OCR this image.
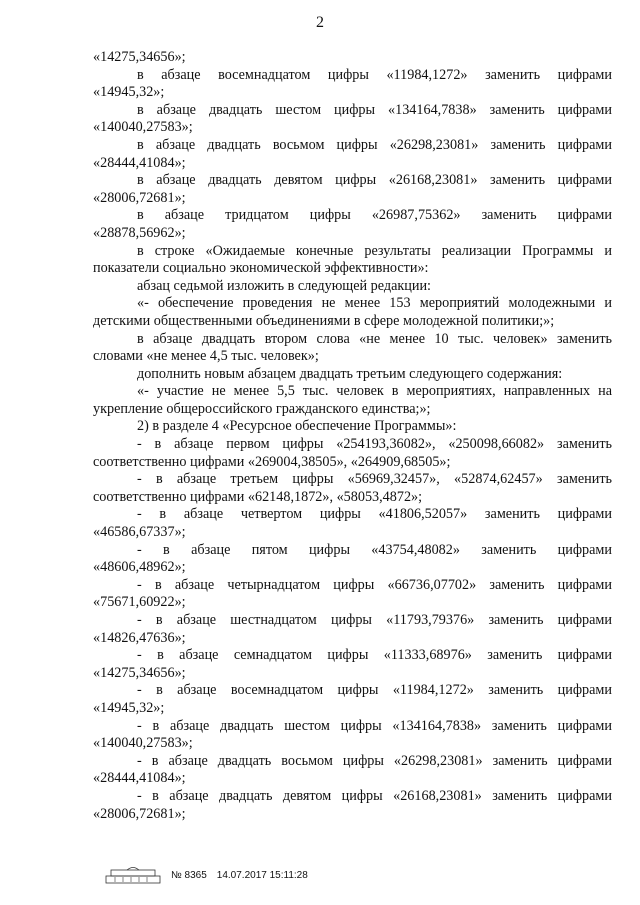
2
«14275,34656»;
в абзаце восемнадцатом цифры «11984,1272» заменить цифрами
«14945,32»;
в абзаце двадцать шестом цифры «134164,7838» заменить цифрами
«140040,27583»;
в абзаце двадцать восьмом цифры «26298,23081» заменить цифрами
«28444,41084»;
в абзаце двадцать девятом цифры «26168,23081» заменить цифрами
«28006,72681»;
в абзаце тридцатом цифры «26987,75362» заменить цифрами
«28878,56962»;
в строке «Ожидаемые конечные результаты реализации Программы и
показатели социально экономической эффективности»:
абзац седьмой изложить в следующей редакции:
«- обеспечение проведения не менее 153 мероприятий молодежными и
детскими общественными объединениями в сфере молодежной политики;»;
в абзаце двадцать втором слова «не менее 10 тыс. человек» заменить
словами «не менее 4,5 тыс. человек»;
дополнить новым абзацем двадцать третьим следующего содержания:
«- участие не менее 5,5 тыс. человек в мероприятиях, направленных на
укрепление общероссийского гражданского единства;»;
2) в разделе 4 «Ресурсное обеспечение Программы»:
- в абзаце первом цифры «254193,36082», «250098,66082» заменить
соответственно цифрами «269004,38505», «264909,68505»;
- в абзаце третьем цифры «56969,32457», «52874,62457» заменить
соответственно цифрами «62148,1872», «58053,4872»;
- в абзаце четвертом цифры «41806,52057» заменить цифрами
«46586,67337»;
- в абзаце пятом цифры «43754,48082» заменить цифрами
«48606,48962»;
- в абзаце четырнадцатом цифры «66736,07702» заменить цифрами
«75671,60922»;
- в абзаце шестнадцатом цифры «11793,79376» заменить цифрами
«14826,47636»;
- в абзаце семнадцатом цифры «11333,68976» заменить цифрами
«14275,34656»;
- в абзаце восемнадцатом цифры «11984,1272» заменить цифрами
«14945,32»;
- в абзаце двадцать шестом цифры «134164,7838» заменить цифрами
«140040,27583»;
- в абзаце двадцать восьмом цифры «26298,23081» заменить цифрами
«28444,41084»;
- в абзаце двадцать девятом цифры «26168,23081» заменить цифрами
«28006,72681»;
№ 8365 14.07.2017 15:11:28
